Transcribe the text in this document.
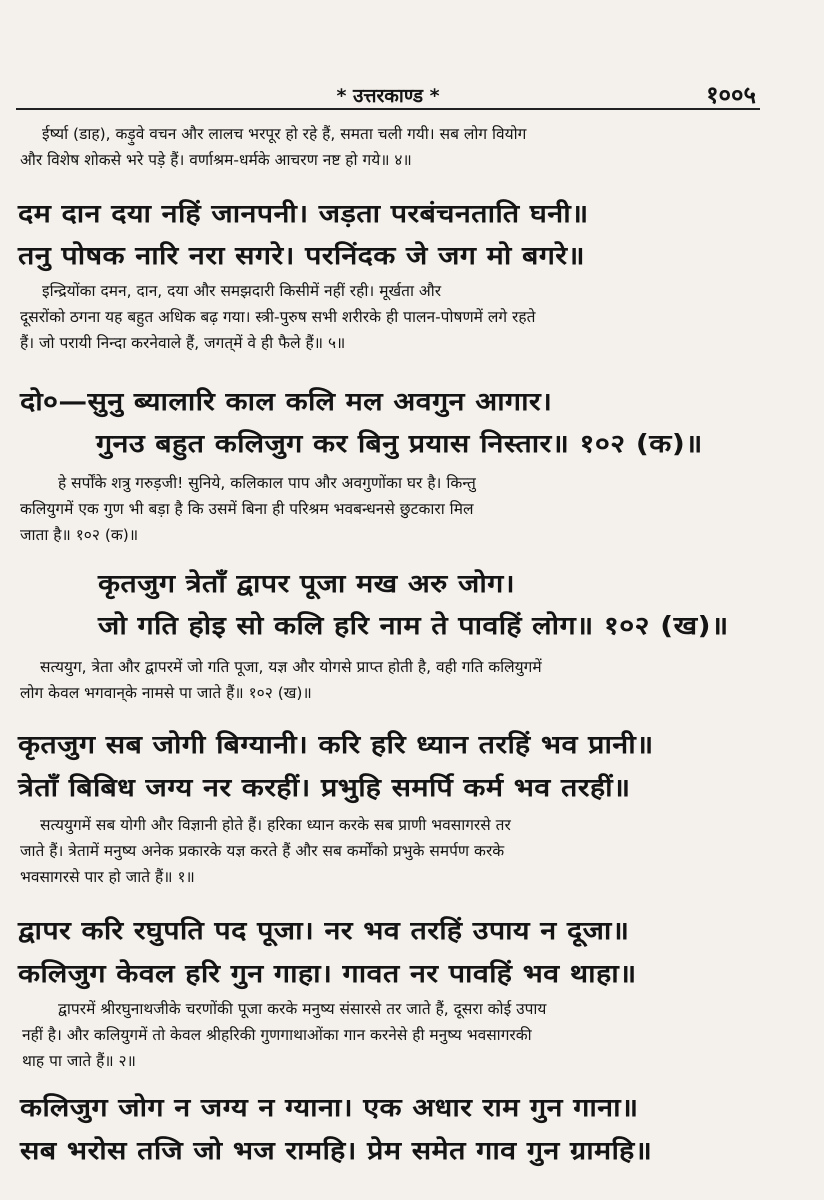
* उत्तरकाण्ड *	१००५
ईर्ष्या (डाह), कड़ुवे वचन और लालच भरपूर हो रहे हैं, समता चली गयी। सब लोग वियोग
और विशेष शोकसे भरे पड़े हैं। वर्णाश्रम-धर्मके आचरण नष्ट हो गये॥ ४॥

दम दान दया नहिं जानपनी। जड़ता परबंचनताति घनी॥
तनु पोषक नारि नरा सगरे। परनिंदक जे जग मो बगरे॥
इन्द्रियोंका दमन, दान, दया और समझदारी किसीमें नहीं रही। मूर्खता और
दूसरोंको ठगना यह बहुत अधिक बढ़ गया। स्त्री-पुरुष सभी शरीरके ही पालन-पोषणमें लगे रहते
हैं। जो परायी निन्दा करनेवाले हैं, जगत्‌में वे ही फैले हैं॥ ५॥

दो०—सुनु ब्यालारि काल कलि मल अवगुन आगार।
गुनउ बहुत कलिजुग कर बिनु प्रयास निस्तार॥ १०२ (क)॥
हे सर्पोंके शत्रु गरुड़जी! सुनिये, कलिकाल पाप और अवगुणोंका घर है। किन्तु
कलियुगमें एक गुण भी बड़ा है कि उसमें बिना ही परिश्रम भवबन्धनसे छुटकारा मिल
जाता है॥ १०२ (क)॥

कृतजुग त्रेताँ द्वापर पूजा मख अरु जोग।
जो गति होइ सो कलि हरि नाम ते पावहिं लोग॥ १०२ (ख)॥
सत्ययुग, त्रेता और द्वापरमें जो गति पूजा, यज्ञ और योगसे प्राप्त होती है, वही गति कलियुगमें
लोग केवल भगवान्‌के नामसे पा जाते हैं॥ १०२ (ख)॥

कृतजुग सब जोगी बिग्यानी। करि हरि ध्यान तरहिं भव प्रानी॥
त्रेताँ बिबिध जग्य नर करहीं। प्रभुहि समर्पि कर्म भव तरहीं॥
सत्ययुगमें सब योगी और विज्ञानी होते हैं। हरिका ध्यान करके सब प्राणी भवसागरसे तर
जाते हैं। त्रेतामें मनुष्य अनेक प्रकारके यज्ञ करते हैं और सब कर्मोंको प्रभुके समर्पण करके
भवसागरसे पार हो जाते हैं॥ १॥

द्वापर करि रघुपति पद पूजा। नर भव तरहिं उपाय न दूजा॥
कलिजुग केवल हरि गुन गाहा। गावत नर पावहिं भव थाहा॥
द्वापरमें श्रीरघुनाथजीके चरणोंकी पूजा करके मनुष्य संसारसे तर जाते हैं, दूसरा कोई उपाय
नहीं है। और कलियुगमें तो केवल श्रीहरिकी गुणगाथाओंका गान करनेसे ही मनुष्य भवसागरकी
थाह पा जाते हैं॥ २॥

कलिजुग जोग न जग्य न ग्याना। एक अधार राम गुन गाना॥
सब भरोस तजि जो भज रामहि। प्रेम समेत गाव गुन ग्रामहि॥
